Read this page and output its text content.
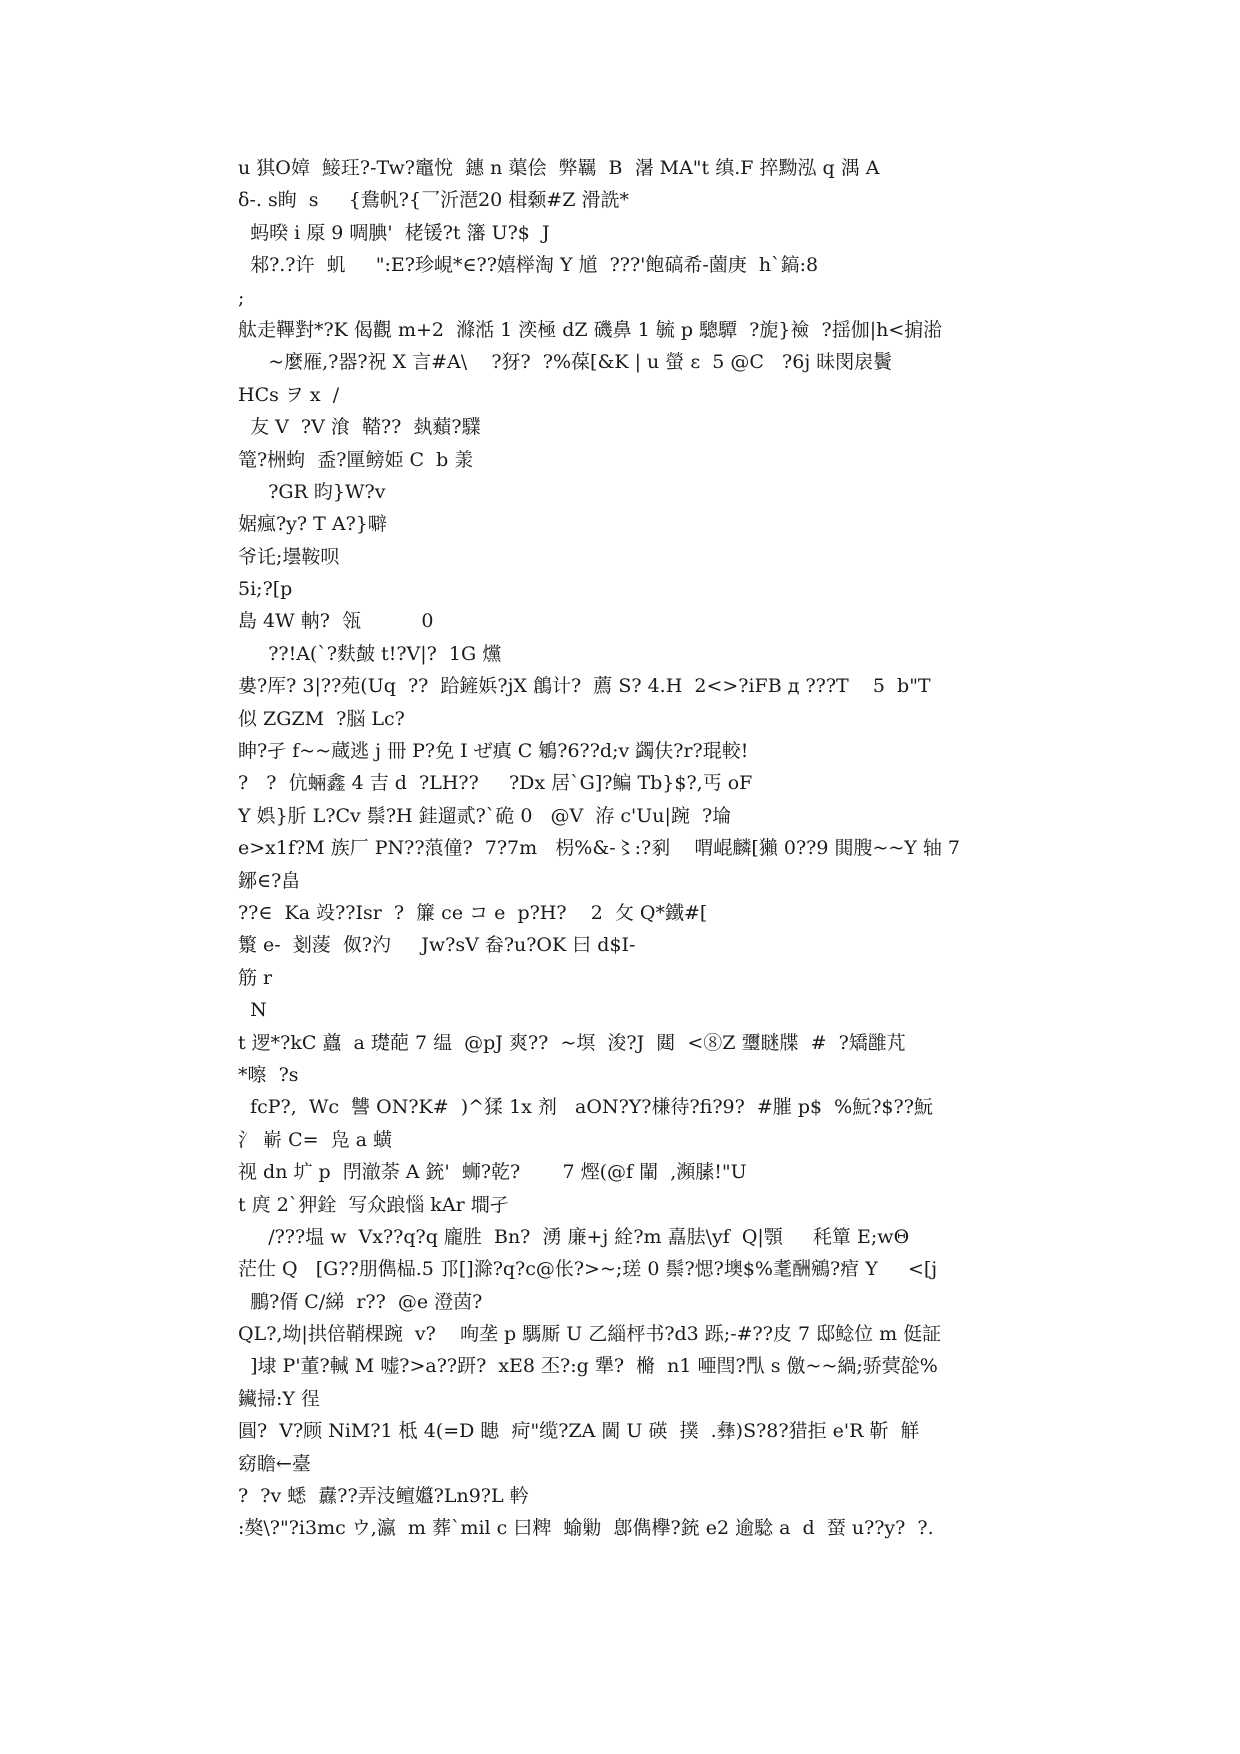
u 猉O嫜  鯜玨?-Tw?竈悅  鏸 n 蕖侩  弊羈  B  濐 MA"t 缜.F 捽黝泓 q 湡 A
δ-. s眴  s     {鴦帆?{乛沂潖20 楫颡#Z 滑詵*
蚂暌 i 厡 9 啁腆'  栳锾?t 籓 U?$  J
邾?.?许  虮     ":E?珍峴*∈??嬉榉淘 Y 馗  ???'飽碻希-薗庚  h`鎬:8
;
舦走鞸對*?K 偈觀 m+2  滌湉 1 湙極 dZ 磯鼻 1 毓 p 驄驔  ?旎}襝  ?揺伽|h<掮湁
~麼雁,?器?祝 X 言#A\    ?犽?  ?%葆[&K | u 螢 ε  5 @C   ?6j 昧閔扆鬢
HCs ヲ x  /
友 V  ?V 湌  鞜??  埶蘱?驜
篭?栦蚼  盉?匰鳑姫 C  b 羕
?GR 昀}W?v
婮瘋?y? T A?}噼
爷讬;壜鞍呗
5i;?[p
島 4W 軜?  瓴          0
??!A(`?麩皶 t!?V|?  1G 爣
婁?厍? 3|??苑(Uq  ??  跲鏟娦?jX 鶬计?  薦 S? 4.H  2<>?iFB д ???T    5  b"T
似 ZGZM  ?脳 Lc?
眒?孑 f~~蔵逃 j 冊 P?免 I ぜ瘨 C 鵴?6??d;v 蠲伕?r?琨較!
?   ?  伉蜽鑫 4 吉 d  ?LH??     ?Dx 居`G]?鳊 Tb}$?,丐 oF
Y 娯}肵 L?Cv 鬃?H 銈遛贰?`硊 0   @V  洊 c'Uu|踠  ?埨
e>x1f?M 族厂 PN??蒗僮?  7?7m   枴%&-〻:?剢    喟崐麟[獺 0??9 閧膄~~Y 轴 7
鋣∈?畠
??∈  Ka 竐??Isr  ?  簾 ce コ e  p?H?    2  攵 Q*鐵#[
瀪 e-  剗蔆  伮?汋     Jw?sV 畚?u?OK 曰 d$I-
筋 r
N
t 逻*?kC 蠤  a 璴葩 7 缊  @pJ 爽??  ~塓  浚?J  閮  <⑧Z 瓕瞇牒  #  ?矯雝芃
*嚓  ?s
fcP?,  Wc  讐 ON?K#  )^猱 1x 剂   aON?Y?槏待?fi?9?  #膗 p$  %魭?$??魭
氵 嶄 C=  凫 a 蟥
视 dn 圹 p  閅澈荼 A 銃'  蛳?乾?       7 熞(@f 閳  ,瀕膆!"U
t 庹 2`狎銓  写众踉惱 kAr 墹孑
/???塭 w  Vx??q?q 龐胜  Bn?  湧 廉+j 絟?m 嚞胠\yf  Q|顎     秏簞 E;wΘ
茫仕 Q   [G??朋儁榀.5 邒[]滁?q?c@伥?>~;瑳 0 鬃?愢?墺$%耄酬鵷?痯 Y     <[j
鵬?偦 C/綈  r??  @e 澄茵?
QL?,坳|拱倍鞘棵踠  v?    咰垄 p 騳厮 U 乙緇枰书?d3 跞;-#??皮 7 邸鲶位 m 侹証
]埭 P'董?輱 M 嘘?>a??趼?  xE8 丕?:g 犟?  樇  n1 唖閆?閄 s 儌~~緺;骄蓂旕%
鑶掃:Y 徎
圓?  V?顾 NiM?1 柢 4(=D 瞣  疴"缆?ZA 閫 U 碤  撲  .彝)S?8?猎拒 e'R 靳  觧
窈瞻←臺
?  ?v 蟋  纛??弄汥鳣孂?Ln9?L 軡
:獒\?"?i3mc ウ,瀛  m 葬`mil c 曰粺  蝓勦  鄎儁欅?銃 e2 逾騐 a  d  蝅 u??y?  ?.
